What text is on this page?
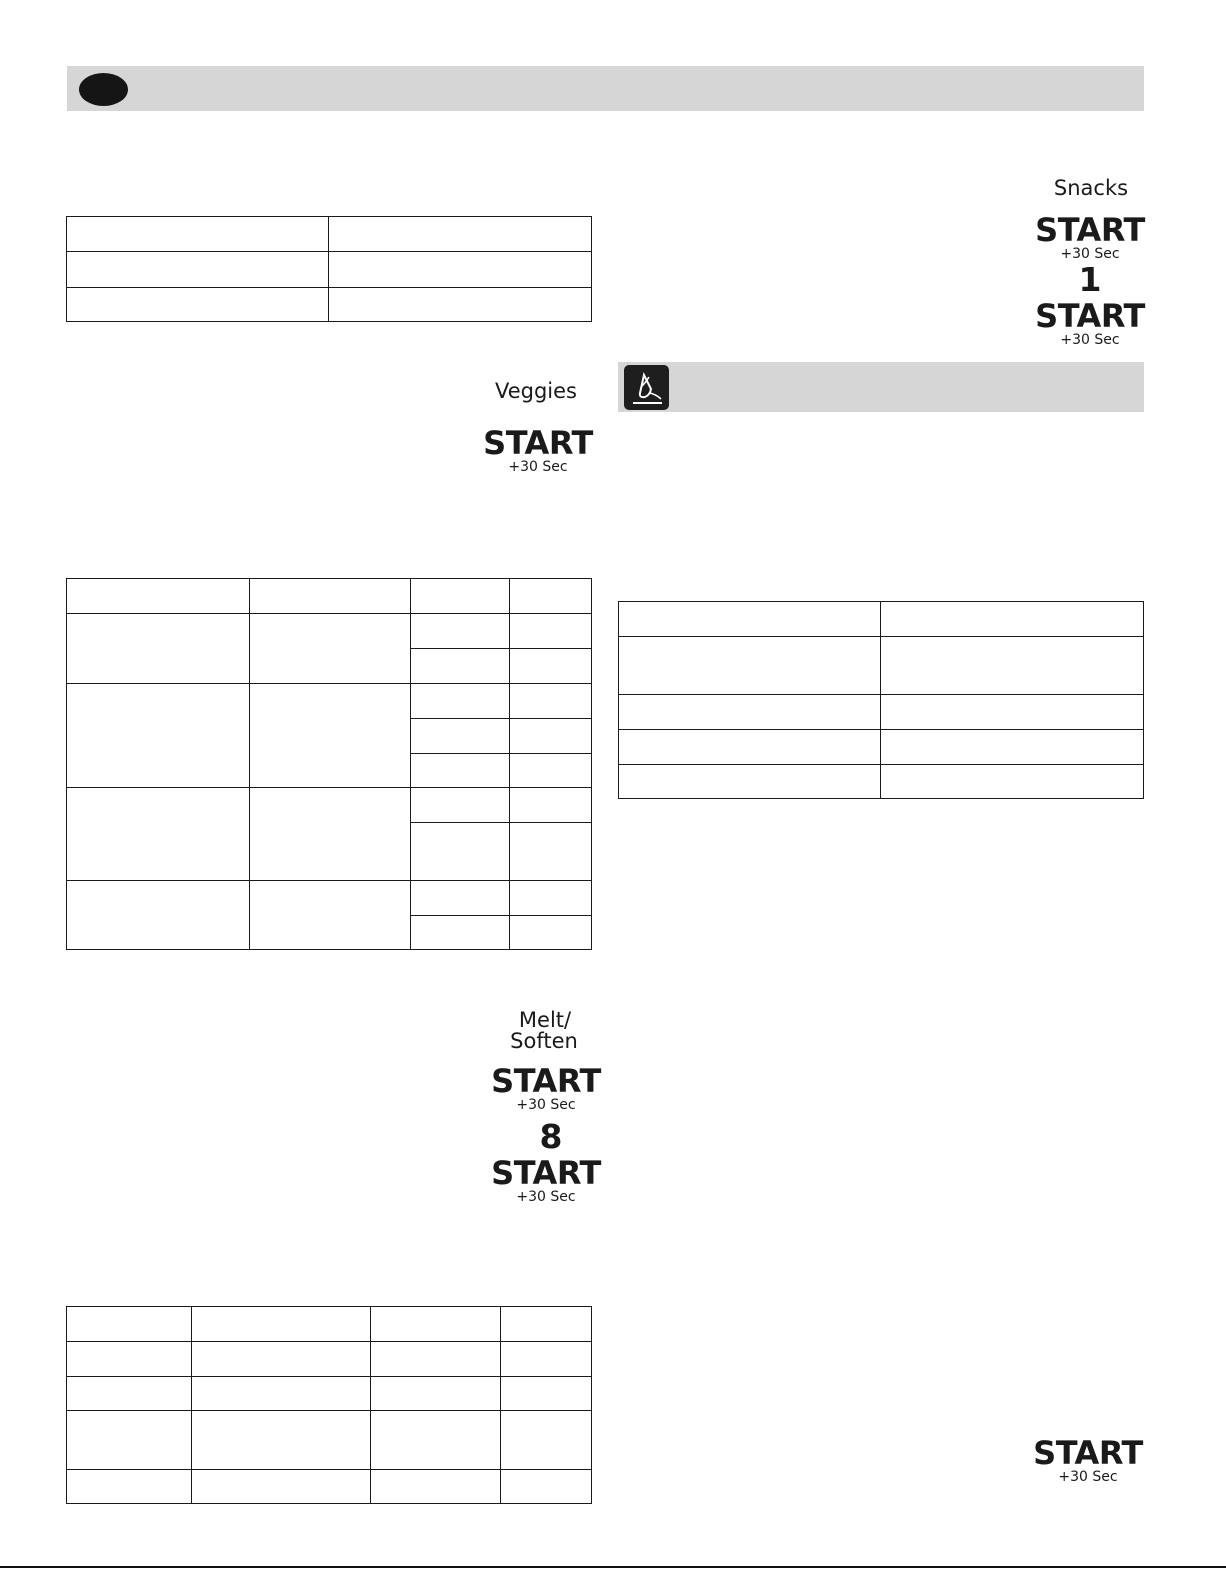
Snacks
START
+30 Sec
1
START
+30 Sec
Veggies
START
+30 Sec

Melt/
Soften
START
+30 Sec
8
START
+30 Sec

START
+30 Sec
